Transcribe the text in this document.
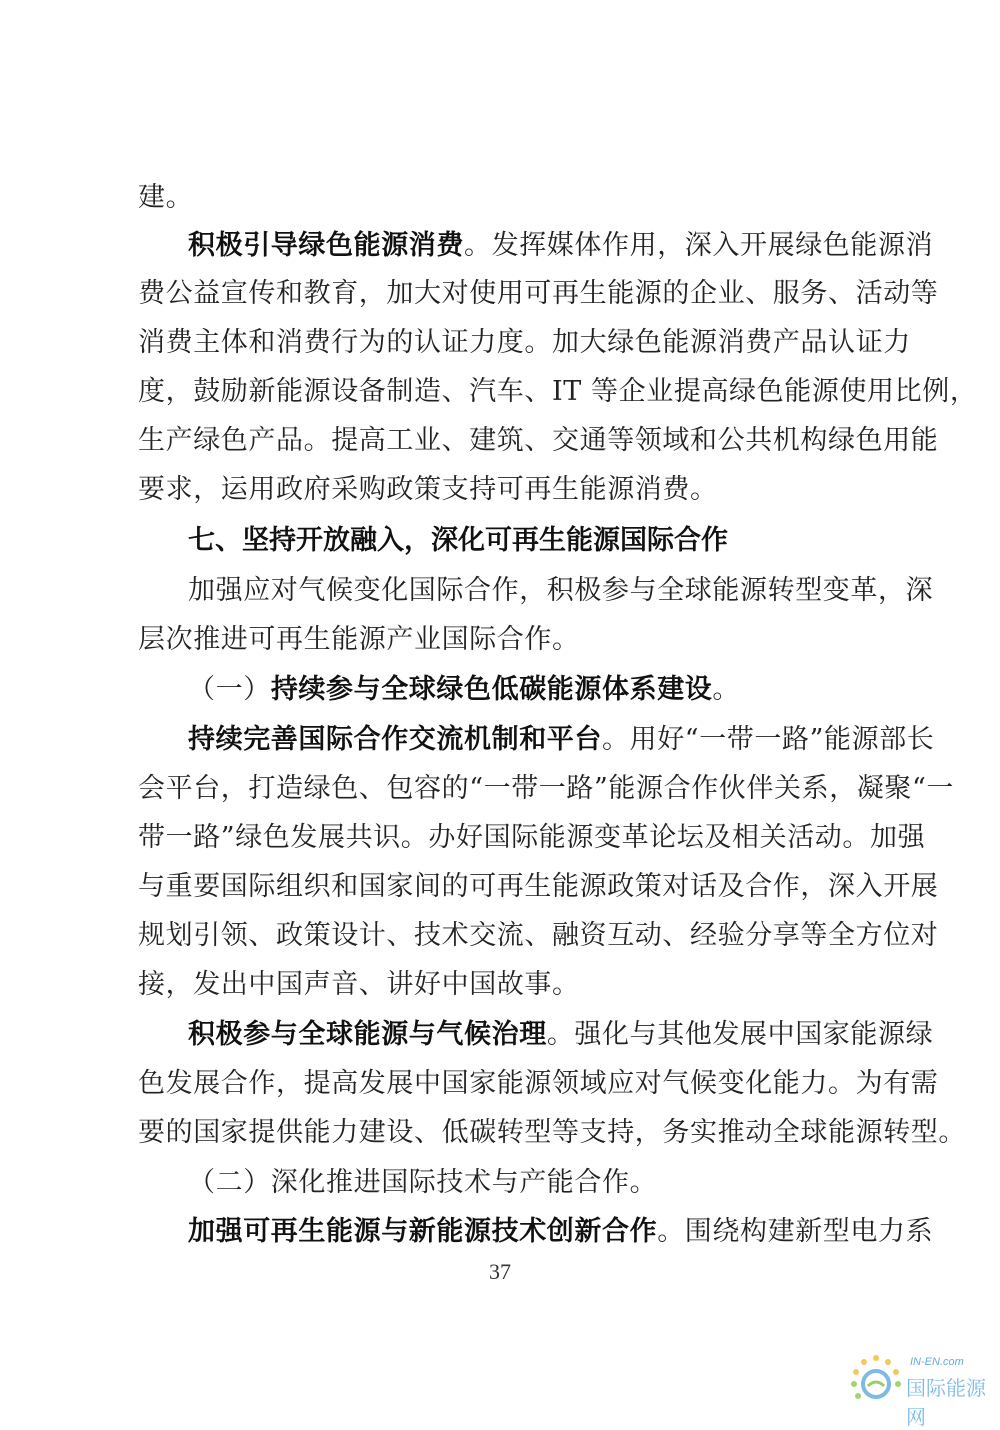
建。
积极引导绿色能源消费。发挥媒体作用，深入开展绿色能源消
费公益宣传和教育，加大对使用可再生能源的企业、服务、活动等
消费主体和消费行为的认证力度。加大绿色能源消费产品认证力
度，鼓励新能源设备制造、汽车、IT 等企业提高绿色能源使用比例，
生产绿色产品。提高工业、建筑、交通等领域和公共机构绿色用能
要求，运用政府采购政策支持可再生能源消费。
七、坚持开放融入，深化可再生能源国际合作
加强应对气候变化国际合作，积极参与全球能源转型变革，深
层次推进可再生能源产业国际合作。
（一）持续参与全球绿色低碳能源体系建设。
持续完善国际合作交流机制和平台。用好“一带一路”能源部长
会平台，打造绿色、包容的“一带一路”能源合作伙伴关系，凝聚“一
带一路”绿色发展共识。办好国际能源变革论坛及相关活动。加强
与重要国际组织和国家间的可再生能源政策对话及合作，深入开展
规划引领、政策设计、技术交流、融资互动、经验分享等全方位对
接，发出中国声音、讲好中国故事。
积极参与全球能源与气候治理。强化与其他发展中国家能源绿
色发展合作，提高发展中国家能源领域应对气候变化能力。为有需
要的国家提供能力建设、低碳转型等支持，务实推动全球能源转型。
（二）深化推进国际技术与产能合作。
加强可再生能源与新能源技术创新合作。围绕构建新型电力系
37
IN-EN.com
国际能源网
